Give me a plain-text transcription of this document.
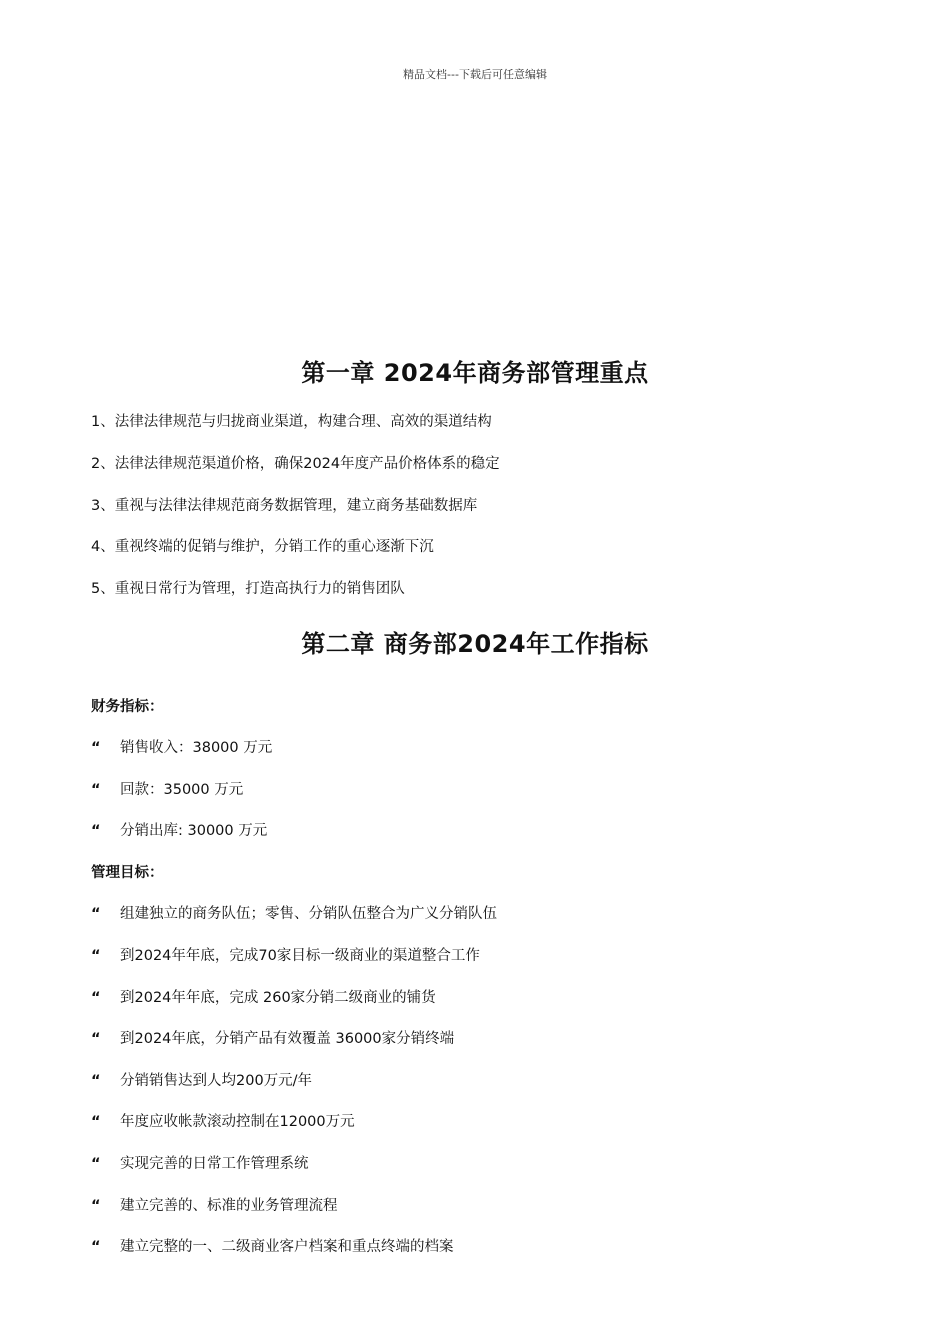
精品文档---下载后可任意编辑
第一章 2024年商务部管理重点
1、法律法律规范与归拢商业渠道，构建合理、高效的渠道结构
2、法律法律规范渠道价格，确保2024年度产品价格体系的稳定
3、重视与法律法律规范商务数据管理，建立商务基础数据库
4、重视终端的促销与维护，分销工作的重心逐渐下沉
5、重视日常行为管理，打造高执行力的销售团队
第二章 商务部2024年工作指标
财务指标：
“ 销售收入：38000 万元
“ 回款：35000 万元
“ 分销出库: 30000 万元
管理目标：
“ 组建独立的商务队伍；零售、分销队伍整合为广义分销队伍
“ 到2024年年底，完成70家目标一级商业的渠道整合工作
“ 到2024年年底，完成 260家分销二级商业的铺货
“ 到2024年底，分销产品有效覆盖 36000家分销终端
“ 分销销售达到人均200万元/年
“ 年度应收帐款滚动控制在12000万元
“ 实现完善的日常工作管理系统
“ 建立完善的、标准的业务管理流程
“ 建立完整的一、二级商业客户档案和重点终端的档案
